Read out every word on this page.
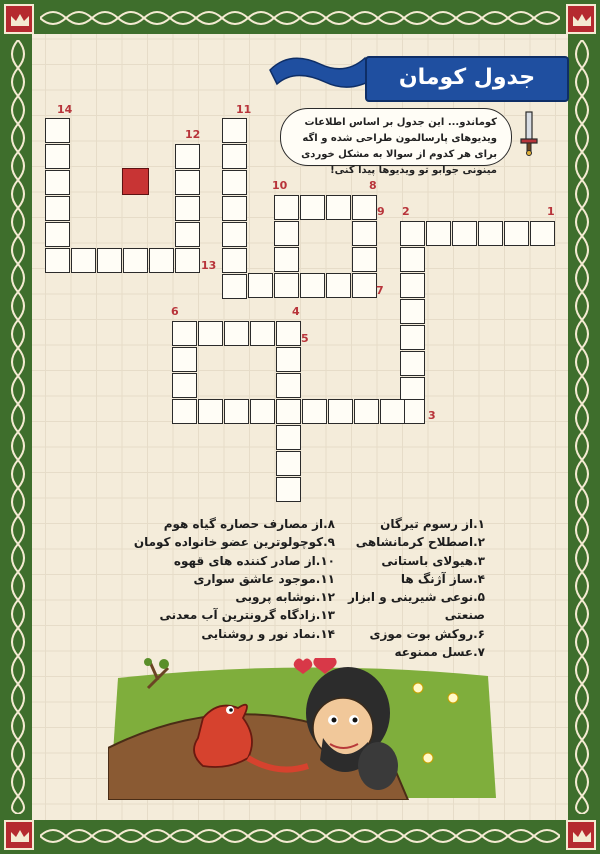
جدول کومان
کوماندو... این جدول بر اساس اطلاعات ویدیوهای پارسالمون طراحی شده و اگه برای هر کدوم از سوالا به مشکل خوردی مینونی جوابو تو ویدیوها پیدا کنی!
1
2
3
4
5
6
7
8
9
10
11
12
13
14

۱.از رسوم تیرگان

۲.اصطلاح کرمانشاهی

۳.هیولای باستانی

۴.ساز آژنگ ها

۵.نوعی شیرینی و ابزار صنعتی

۶.روکش بوت موزی

۷.عسل ممنوعه

۸.از مصارف حصاره گیاه هوم

۹.کوچولوترین عضو خانواده کومان

۱۰.از صادر کننده های قهوه

۱۱.موجود عاشق سواری

۱۲.نوشابه پروبی

۱۳.زادگاه گرونترین آب معدنی

۱۴.نماد نور و روشنایی
